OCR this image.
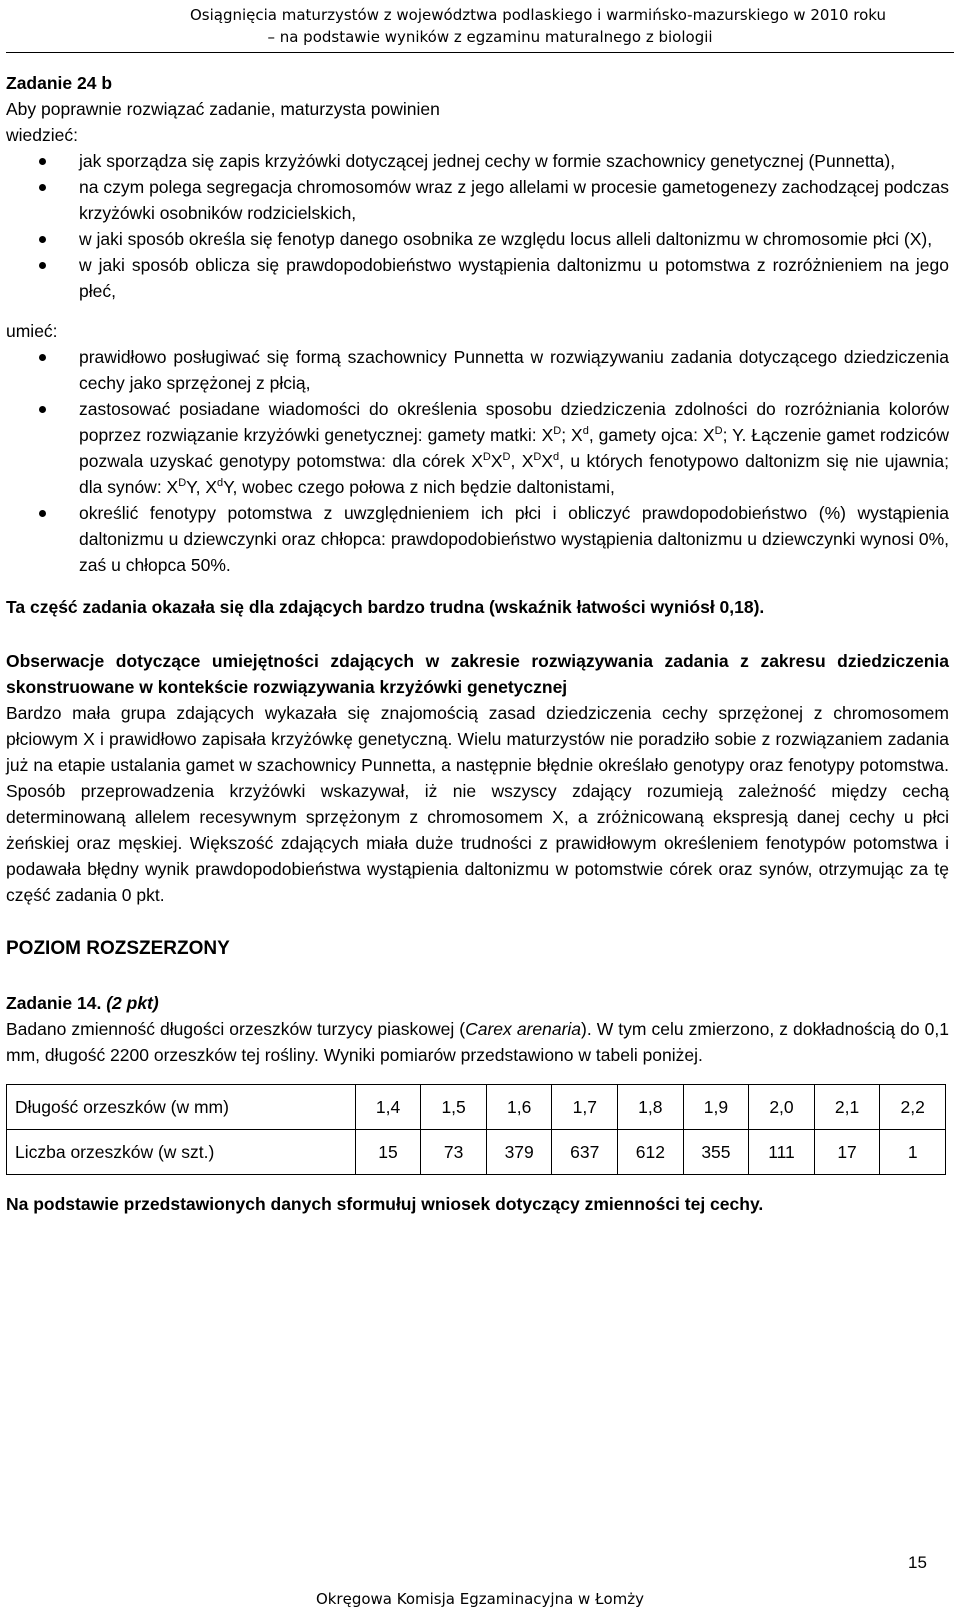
Osiągnięcia maturzystów z województwa podlaskiego i warmińsko-mazurskiego w 2010 roku
– na podstawie wyników z egzaminu maturalnego z biologii

Zadanie 24 b

Aby poprawnie rozwiązać zadanie, maturzysta powinien

wiedzieć:

jak sporządza się zapis krzyżówki dotyczącej jednej cechy w formie szachownicy genetycznej (Punnetta),
na czym polega segregacja chromosomów wraz z jego allelami w procesie gametogenezy zachodzącej podczas krzyżówki osobników rodzicielskich,
w jaki sposób określa się fenotyp danego osobnika ze względu locus alleli daltonizmu w chromosomie płci (X),
w jaki sposób oblicza się prawdopodobieństwo wystąpienia daltonizmu u potomstwa z rozróżnieniem na jego płeć,

umieć:

prawidłowo posługiwać się formą szachownicy Punnetta w rozwiązywaniu zadania dotyczącego dziedziczenia cechy jako sprzężonej z płcią,
zastosować posiadane wiadomości do określenia sposobu dziedziczenia zdolności do rozróżniania kolorów poprzez rozwiązanie krzyżówki genetycznej: gamety matki: $X^D$; $X^d$, gamety ojca: $X^D$; Y. Łączenie gamet rodziców pozwala uzyskać genotypy potomstwa: dla córek $X^DX^D$, $X^DX^d$, u których fenotypowo daltonizm się nie ujawnia; dla synów: $X^DY$, $X^dY$, wobec czego połowa z nich będzie daltonistami,
określić fenotypy potomstwa z uwzględnieniem ich płci i obliczyć prawdopodobieństwo (%) wystąpienia daltonizmu u dziewczynki oraz chłopca: prawdopodobieństwo wystąpienia daltonizmu u dziewczynki wynosi 0%, zaś u chłopca 50%.

Ta część zadania okazała się dla zdających bardzo trudna (wskaźnik łatwości wyniósł 0,18).

Obserwacje dotyczące umiejętności zdających w zakresie rozwiązywania zadania z zakresu dziedziczenia skonstruowane w kontekście rozwiązywania krzyżówki genetycznej

Bardzo mała grupa zdających wykazała się znajomością zasad dziedziczenia cechy sprzężonej z chromosomem płciowym X i prawidłowo zapisała krzyżówkę genetyczną. Wielu maturzystów nie poradziło sobie z rozwiązaniem zadania już na etapie ustalania gamet w szachownicy Punnetta, a następnie błędnie określało genotypy oraz fenotypy potomstwa. Sposób przeprowadzenia krzyżówki wskazywał, iż nie wszyscy zdający rozumieją zależność między cechą determinowaną allelem recesywnym sprzężonym z chromosomem X, a zróżnicowaną ekspresją danej cechy u płci żeńskiej oraz męskiej. Większość zdających miała duże trudności z prawidłowym określeniem fenotypów potomstwa i podawała błędny wynik prawdopodobieństwa wystąpienia daltonizmu w potomstwie córek oraz synów, otrzymując za tę część zadania 0 pkt.

POZIOM ROZSZERZONY

Zadanie 14. (2 pkt)

Badano zmienność długości orzeszków turzycy piaskowej (Carex arenaria). W tym celu zmierzono, z dokładnością do 0,1 mm, długość 2200 orzeszków tej rośliny. Wyniki pomiarów przedstawiono w tabeli poniżej.

Długość orzeszków (w mm)	1,4	1,5	1,6	1,7	1,8	1,9	2,0	2,1	2,2
Liczba orzeszków (w szt.)	15	73	379	637	612	355	111	17	1

Na podstawie przedstawionych danych sformułuj wniosek dotyczący zmienności tej cechy.

15
Okręgowa Komisja Egzaminacyjna w Łomży
